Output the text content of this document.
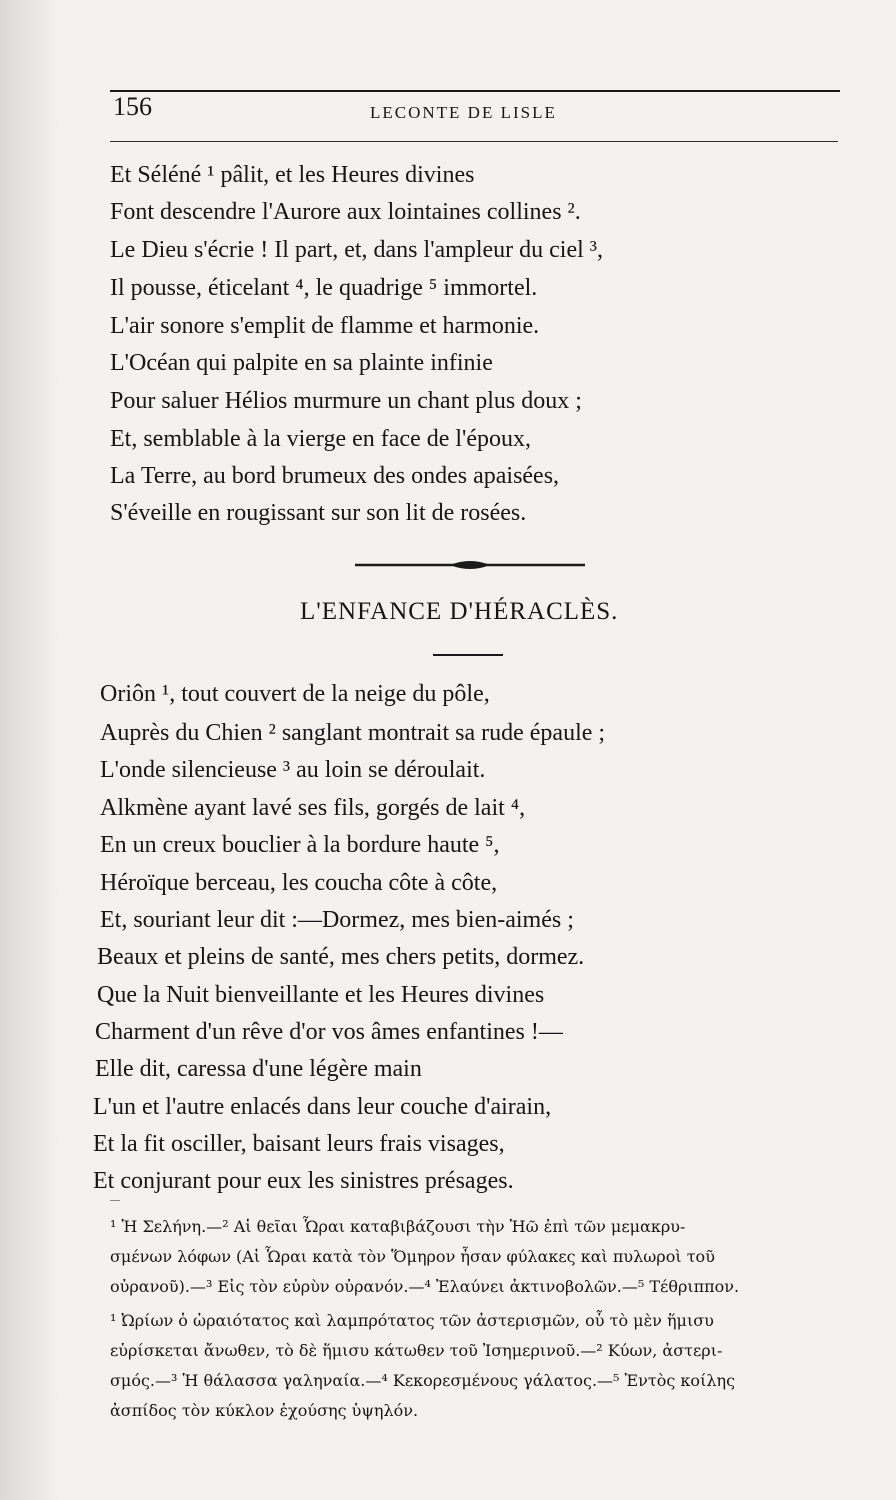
156	LECONTE DE LISLE
Et Séléné ¹ pâlit, et les Heures divines
Font descendre l'Aurore aux lointaines collines ².
Le Dieu s'écrie ! Il part, et, dans l'ampleur du ciel ³,
Il pousse, éticelant ⁴, le quadrige ⁵ immortel.
L'air sonore s'emplit de flamme et harmonie.
L'Océan qui palpite en sa plainte infinie
Pour saluer Hélios murmure un chant plus doux ;
Et, semblable à la vierge en face de l'époux,
La Terre, au bord brumeux des ondes apaisées,
S'éveille en rougissant sur son lit de rosées.
L'ENFANCE D'HÉRACLÈS.
Oriôn ¹, tout couvert de la neige du pôle,
Auprès du Chien ² sanglant montrait sa rude épaule ;
L'onde silencieuse ³ au loin se déroulait.
Alkmène ayant lavé ses fils, gorgés de lait ⁴,
En un creux bouclier à la bordure haute ⁵,
Héroïque berceau, les coucha côte à côte,
Et, souriant leur dit :—Dormez, mes bien-aimés ;
Beaux et pleins de santé, mes chers petits, dormez.
Que la Nuit bienveillante et les Heures divines
Charment d'un rêve d'or vos âmes enfantines !—
Elle dit, caressa d'une légère main
L'un et l'autre enlacés dans leur couche d'airain,
Et la fit osciller, baisant leurs frais visages,
Et conjurant pour eux les sinistres présages.
¹ Ἡ Σελήνη.—² Αἱ θεῖαι Ὧραι καταβιβάζουσι τὴν Ἠῶ ἐπὶ τῶν μεμακρυ-
σμένων λόφων (Αἱ Ὧραι κατὰ τὸν Ὅμηρον ἦσαν φύλακες καὶ πυλωροὶ τοῦ
οὐρανοῦ).—³ Εἰς τὸν εὐρὺν οὐρανόν.—⁴ Ἐλαύνει ἀκτινοβολῶν.—⁵ Τέθριππον.
¹ Ὠρίων ὁ ὡραιότατος καὶ λαμπρότατος τῶν ἀστερισμῶν, οὗ τὸ μὲν ἥμισυ
εὑρίσκεται ἄνωθεν, τὸ δὲ ἥμισυ κάτωθεν τοῦ Ἰσημερινοῦ.—² Κύων, ἀστερι-
σμός.—³ Ἡ θάλασσα γαληναία.—⁴ Κεκορεσμένους γάλατος.—⁵ Ἐντὸς κοίλης
ἀσπίδος τὸν κύκλον ἐχούσης ὑψηλόν.
